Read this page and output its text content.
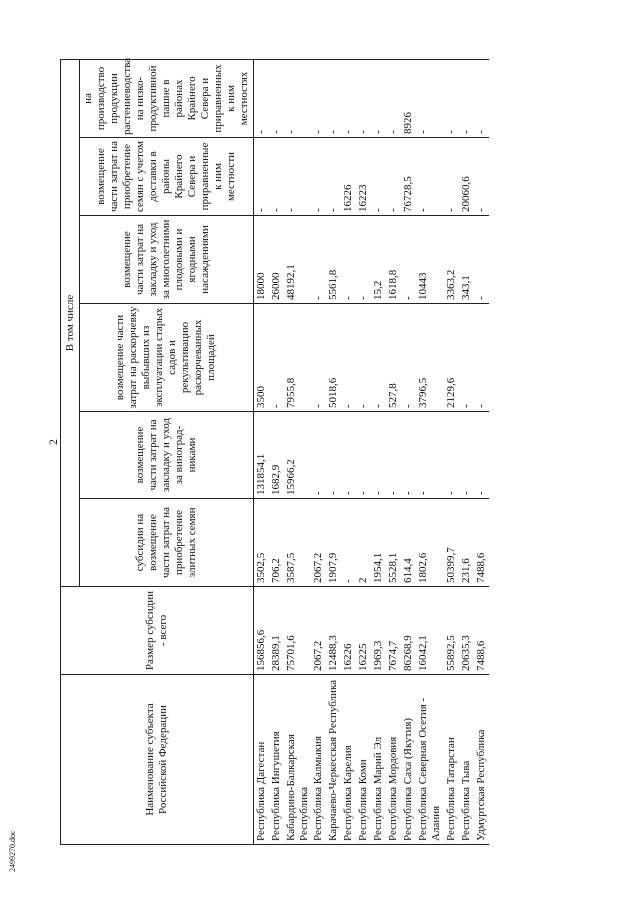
2
Наименование субъекта Российской Федерации	Размер субсидии - всего	В том числе					
		субсидии на возмещение части затрат на приобретение элитных семян	возмещение части затрат на закладку и уход за виноград-никами	возмещение части затрат на раскорчевку выбывших из эксплуатации старых садов и рекультивацию раскорчеванных площадей	возмещение части затрат на закладку и уход за многолетними плодовыми и ягодными насаждениями	возмещение части затрат на приобретение семян с учетом доставки в районы Крайнего Севера и приравненные к ним местности	на производство продукции растениеводства на низко-продуктивной пашне в районах Крайнего Севера и приравненных к ним местностях
Республика Дагестан	156856,6	3502,5	131854,1	3500	18000	-	-
Республика Ингушетия	28389,1	706,2	1682,9	-	26000	-	-
Кабардино-Балкарская Республика	75701,6	3587,5	15966,2	7955,8	48192,1	-	-
Республика Калмыкия	2067,2	2067,2	-	-	-	-	-
Карачаево-Черкесская Республика	12488,3	1907,9	-	5018,6	5561,8	-	-
Республика Карелия	16226	-	-	-	-	16226	-
Республика Коми	16225	2	-	-	-	16223	-
Республика Марий Эл	1969,3	1954,1	-	-	15,2	-	-
Республика Мордовия	7674,7	5528,1	-	527,8	1618,8	-	-
Республика Саха (Якутия)	86268,9	614,4	-	-	-	76728,5	8926
Республика Северная Осетия - Алания	16042,1	1802,6	-	3796,5	10443	-	-
Республика Татарстан	55892,5	50399,7	-	2129,6	3363,2	-	-
Республика Тыва	20635,3	231,6	-	-	343,1	20060,6	-
Удмуртская Республика	7488,6	7488,6	-	-	-	-	-
2499270.doc
